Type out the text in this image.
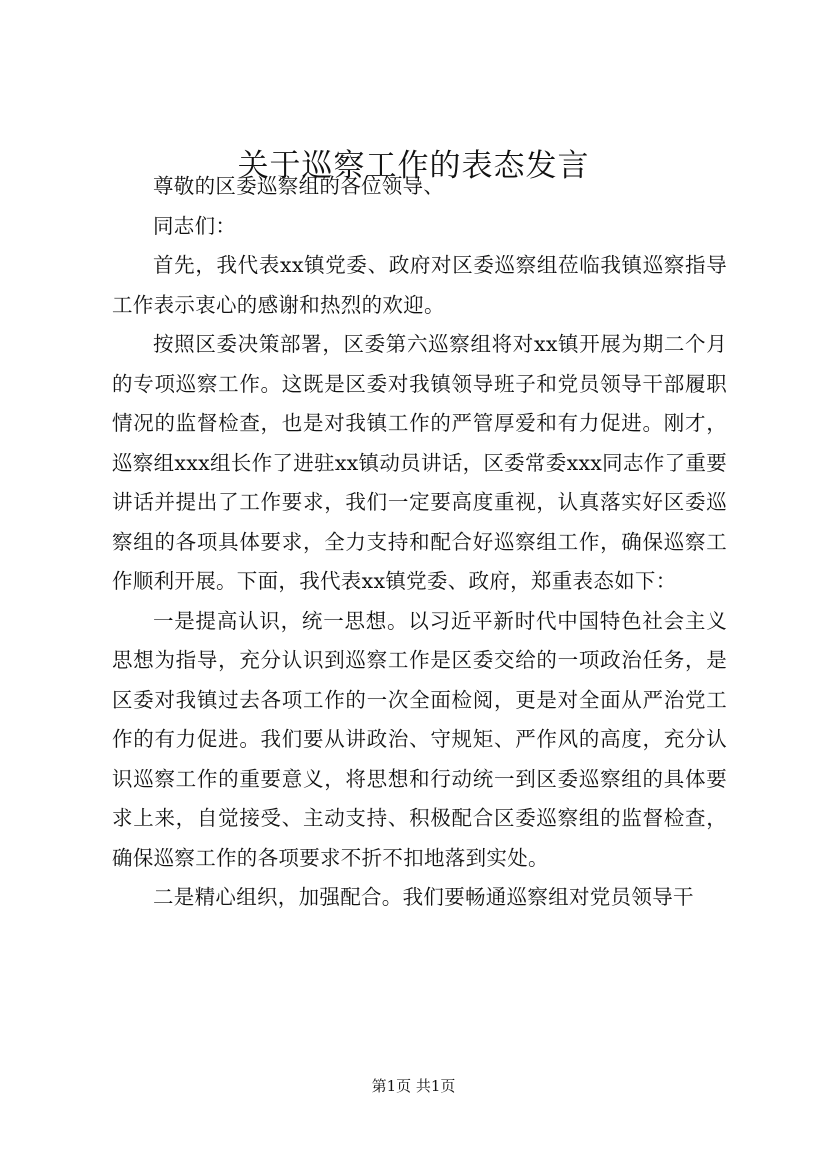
关于巡察工作的表态发言

尊敬的区委巡察组的各位领导、

同志们：

首先，我代表xx镇党委、政府对区委巡察组莅临我镇巡察指导工作表示衷心的感谢和热烈的欢迎。

按照区委决策部署，区委第六巡察组将对xx镇开展为期二个月的专项巡察工作。这既是区委对我镇领导班子和党员领导干部履职情况的监督检查，也是对我镇工作的严管厚爱和有力促进。刚才，巡察组xxx组长作了进驻xx镇动员讲话，区委常委xxx同志作了重要讲话并提出了工作要求，我们一定要高度重视，认真落实好区委巡察组的各项具体要求，全力支持和配合好巡察组工作，确保巡察工作顺利开展。下面，我代表xx镇党委、政府，郑重表态如下：

一是提高认识，统一思想。以习近平新时代中国特色社会主义思想为指导，充分认识到巡察工作是区委交给的一项政治任务，是区委对我镇过去各项工作的一次全面检阅，更是对全面从严治党工作的有力促进。我们要从讲政治、守规矩、严作风的高度，充分认识巡察工作的重要意义，将思想和行动统一到区委巡察组的具体要求上来，自觉接受、主动支持、积极配合区委巡察组的监督检查，确保巡察工作的各项要求不折不扣地落到实处。

二是精心组织，加强配合。我们要畅通巡察组对党员领导干

第1页 共1页
